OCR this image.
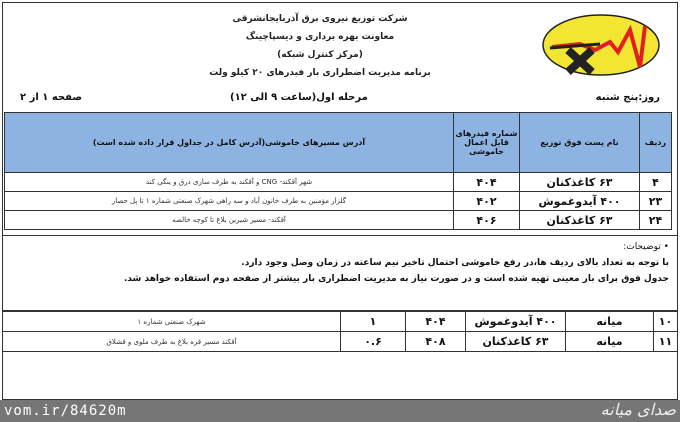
شرکت توزیع نیروی برق آذربایجانشرقی
معاونت بهره برداری و دیسپاچینگ
(مرکز کنترل شبکه)
برنامه مدیریت اضطراری بار فیدرهای ۲۰ کیلو ولت
روز:پنج شنبه
مرحله اول(ساعت ۹ الی ۱۲)
صفحه ۱ از ۲
ردیف	نام پست فوق توزیع	شماره فیدرهای قابل اعمال خاموشی	آدرس مسیرهای خاموشی(آدرس کامل در جداول قرار داده شده است)
۴	۶۳ کاغذکنان	۴۰۴	شهر آقکند- CNG و آقکند به طرف ساری درق و ینگی کند
۲۳	۴۰۰ آیدوغموش	۴۰۲	گلزار مؤمنین به طرف خانون آباد و سه راهی شهرک صنعتی شماره ۱ تا پل حصار
۲۴	۶۳ کاغذکنان	۴۰۶	آقکند- مسیر شیرین بلاغ تا کوچه خالصه
• توضیحات:
با توجه به تعداد بالای ردیف ها،در رفع خاموشی احتمال تاخیر نیم ساعته در زمان وصل وجود دارد.
جدول فوق برای بار معینی تهیه شده است و در صورت نیاز به مدیریت اضطراری بار بیشتر از صفحه دوم استفاده خواهد شد.
۱۰	میانه	۴۰۰ آیدوغموش	۴۰۴	۱	شهرک صنعتی شماره ۱
۱۱	میانه	۶۳ کاغذکنان	۴۰۸	۰.۶	آقکند مسیر قره بلاغ به طرف ملوی و قشلاق
vom.ir/84620m	صدای میانه
